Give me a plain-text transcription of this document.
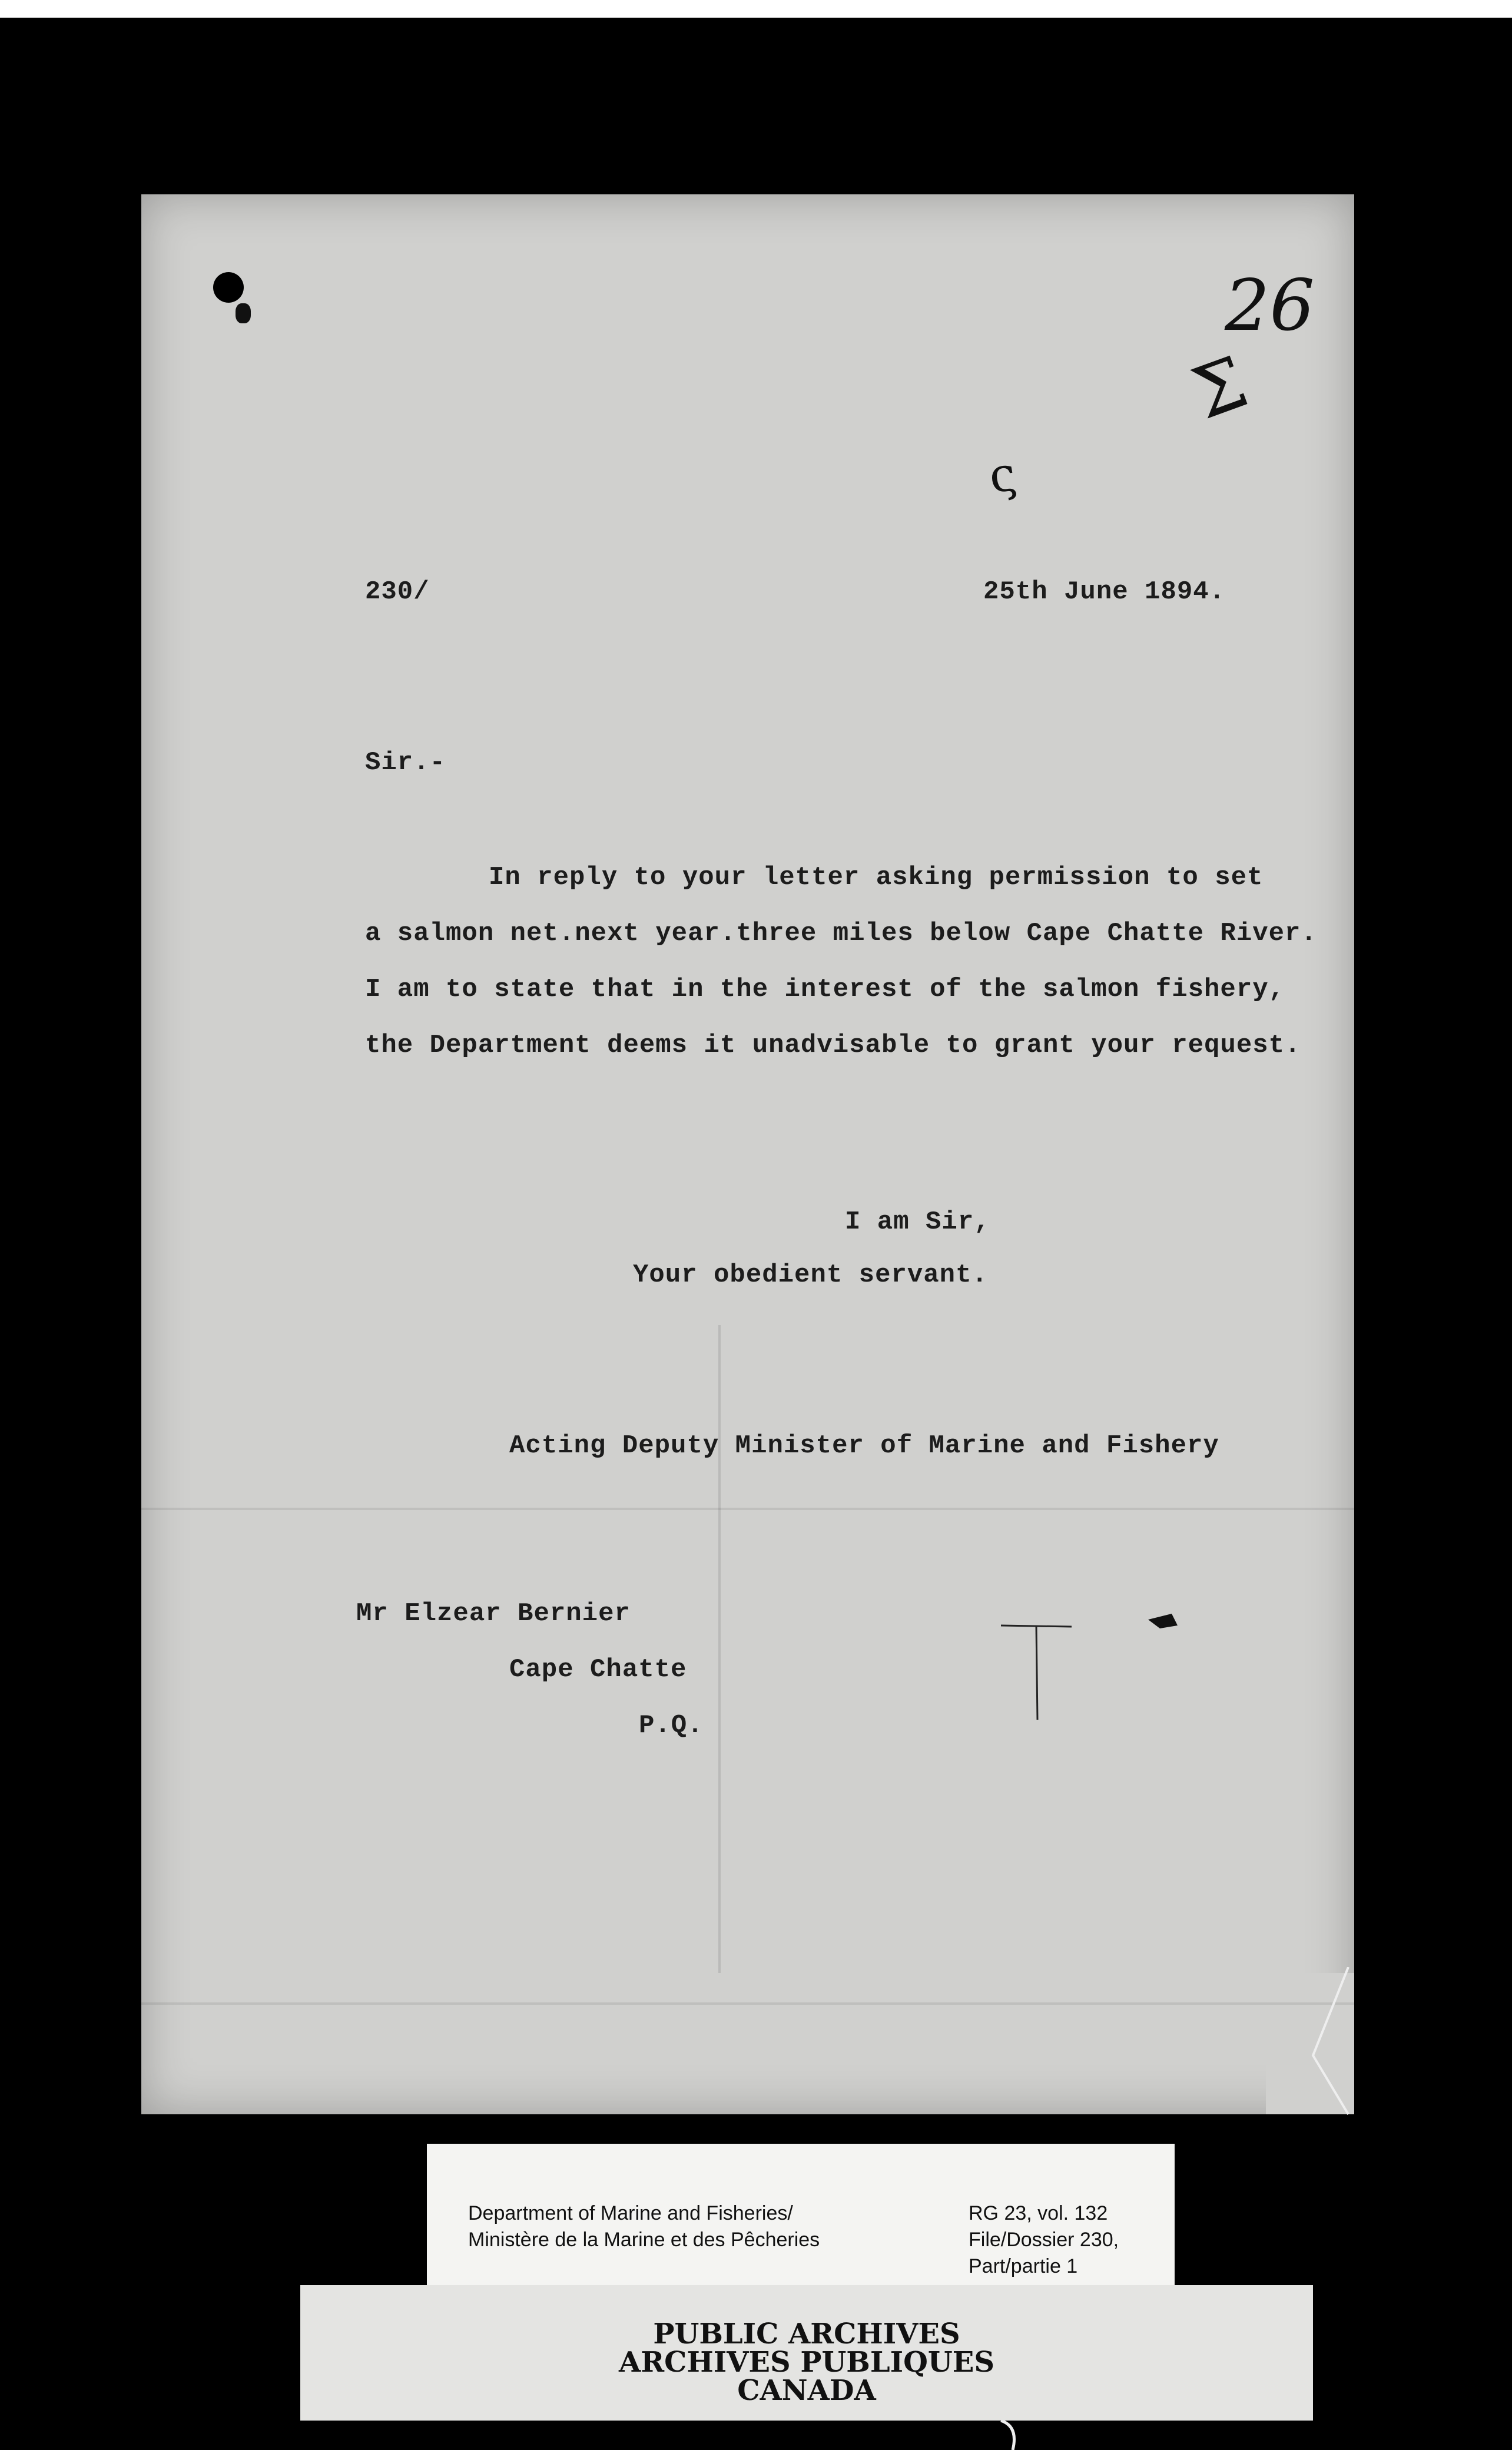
26
Σ
ς
230/	25th June 1894.
Sir.-
In reply to your letter asking permission to set
a salmon net.next year.three miles below Cape Chatte River.
I am to state that in the interest of the salmon fishery,
the Department deems it unadvisable to grant your request.
I am Sir,
Your obedient servant.
Acting Deputy Minister of Marine and Fishery
Mr Elzear Bernier
Cape Chatte
P.Q.
Department of Marine and Fisheries/
Ministère de la Marine et des Pêcheries
RG 23, vol. 132
File/Dossier 230,
Part/partie 1
PUBLIC ARCHIVES
ARCHIVES PUBLIQUES
CANADA
